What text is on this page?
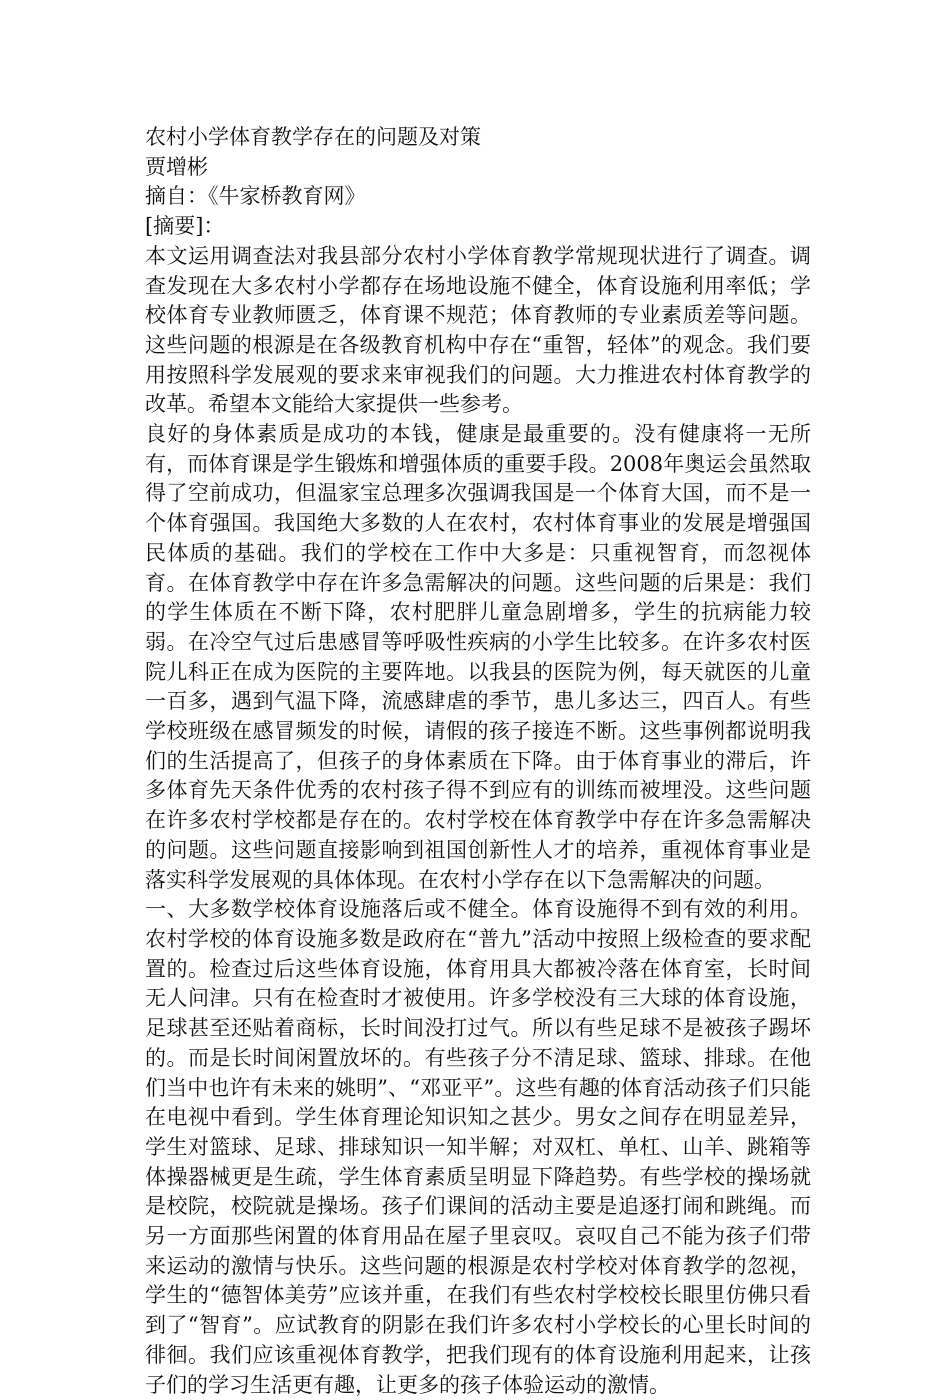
农村小学体育教学存在的问题及对策

贾增彬

摘自：《牛家桥教育网》

[摘要]：

本文运用调查法对我县部分农村小学体育教学常规现状进行了调查。调查发现在大多农村小学都存在场地设施不健全，体育设施利用率低；学校体育专业教师匮乏，体育课不规范；体育教师的专业素质差等问题。这些问题的根源是在各级教育机构中存在“重智，轻体”的观念。我们要用按照科学发展观的要求来审视我们的问题。大力推进农村体育教学的改革。希望本文能给大家提供一些参考。

良好的身体素质是成功的本钱，健康是最重要的。没有健康将一无所有，而体育课是学生锻炼和增强体质的重要手段。2008年奥运会虽然取得了空前成功，但温家宝总理多次强调我国是一个体育大国，而不是一个体育强国。我国绝大多数的人在农村，农村体育事业的发展是增强国民体质的基础。我们的学校在工作中大多是：只重视智育，而忽视体育。在体育教学中存在许多急需解决的问题。这些问题的后果是：我们的学生体质在不断下降，农村肥胖儿童急剧增多，学生的抗病能力较弱。在冷空气过后患感冒等呼吸性疾病的小学生比较多。在许多农村医院儿科正在成为医院的主要阵地。以我县的医院为例，每天就医的儿童一百多，遇到气温下降，流感肆虐的季节，患儿多达三，四百人。有些学校班级在感冒频发的时候，请假的孩子接连不断。这些事例都说明我们的生活提高了，但孩子的身体素质在下降。由于体育事业的滞后，许多体育先天条件优秀的农村孩子得不到应有的训练而被埋没。这些问题在许多农村学校都是存在的。农村学校在体育教学中存在许多急需解决的问题。这些问题直接影响到祖国创新性人才的培养，重视体育事业是落实科学发展观的具体体现。在农村小学存在以下急需解决的问题。

一、大多数学校体育设施落后或不健全。体育设施得不到有效的利用。农村学校的体育设施多数是政府在“普九”活动中按照上级检查的要求配置的。检查过后这些体育设施，体育用具大都被冷落在体育室，长时间无人问津。只有在检查时才被使用。许多学校没有三大球的体育设施，足球甚至还贴着商标，长时间没打过气。所以有些足球不是被孩子踢坏的。而是长时间闲置放坏的。有些孩子分不清足球、篮球、排球。在他们当中也许有未来的姚明”、“邓亚平”。这些有趣的体育活动孩子们只能在电视中看到。学生体育理论知识知之甚少。男女之间存在明显差异，学生对篮球、足球、排球知识一知半解；对双杠、单杠、山羊、跳箱等体操器械更是生疏，学生体育素质呈明显下降趋势。有些学校的操场就是校院，校院就是操场。孩子们课间的活动主要是追逐打闹和跳绳。而另一方面那些闲置的体育用品在屋子里哀叹。哀叹自己不能为孩子们带来运动的激情与快乐。这些问题的根源是农村学校对体育教学的忽视，学生的“德智体美劳”应该并重，在我们有些农村学校校长眼里仿佛只看到了“智育”。应试教育的阴影在我们许多农村小学校长的心里长时间的徘徊。我们应该重视体育教学，把我们现有的体育设施利用起来，让孩子们的学习生活更有趣，让更多的孩子体验运动的激情。
